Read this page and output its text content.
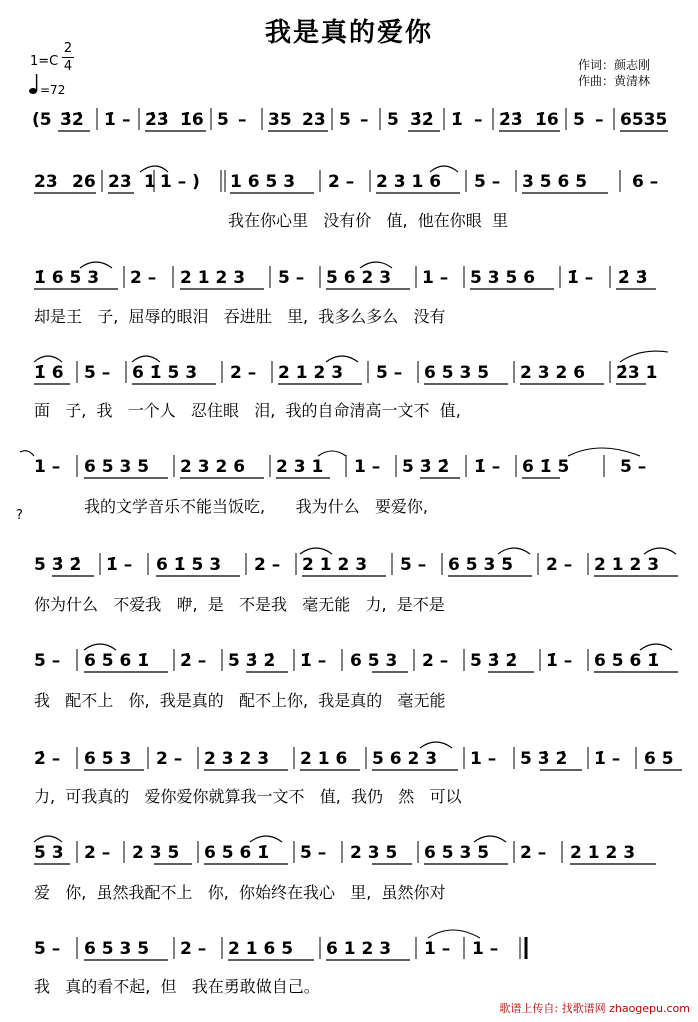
我是真的爱你
1=C
2
4
=72
作词：颜志刚
作曲：黄清林
(5 3̇2̇ 1̇ – 2̇3̇ 1̇6 5 – 35 23 5 – 5 3̇2̇ 1̇ – 2̇3̇ 1̇6 5 – 6535
23 26 23 1 1 – ) 1 6 5 3 2 – 2 3 1 6 5 – 3 5 6 5	6 –
1̇ 6 5 3 2 – 2 1 2 3 5 – 5 6 2 3 1 – 5 3 5 6 1̇ – 2̇ 3̇
1̇ 6 5 – 6 1̇ 5 3 2 – 2 1 2 3 5 – 6 5 3 5 2 3 2 6 2̇3 1
1 – 6 5 3 5 2 3 2 6 2 3 1 1 – 5 3̇ 2̇ 1̇ – 6 1̇ 5	5 –
5 3̇ 2̇ 1̇ – 6 1̇ 5 3 2 – 2 1 2 3 5 – 6 5 3 5 2 – 2 1 2 3
5 – 6 5 6 1̇ 2̇ – 5 3̇ 2̇ 1̇ – 6 5 3 2 – 5 3̇ 2̇ 1̇ – 6 5 6 1̇
2̇ – 6 5 3 2 – 2 3 2 3 2 1 6 5 6 2 3 1 – 5 3̇ 2̇ 1̇ – 6 5
5 3 2 – 2 3 5 6 5 6 1̇ 5 – 2 3 5 6 5 3 5 2 – 2 1 2 3
5 – 6 5 3 5 2 – 2 1 6 5 6 1 2 3 1 – 1 –
我在你心里   没有价   值,  他在你眼  里
却是王   子,  屈辱的眼泪   吞进肚   里,  我多么多么   没有
面   子,  我   一个人   忍住眼   泪,  我的自命清高一文不  值,
我的文学音乐不能当饭吃,      我为什么   要爱你,
?
你为什么   不爱我   咿,  是   不是我   毫无能   力,  是不是
我   配不上   你,  我是真的   配不上你,  我是真的   毫无能
力,  可我真的   爱你爱你就算我一文不   值,  我仍   然   可以
爱   你,  虽然我配不上   你,  你始终在我心   里,  虽然你对
我   真的看不起,  但   我在勇敢做自己。
歌谱上传自: 找歌谱网 zhaogepu.com
